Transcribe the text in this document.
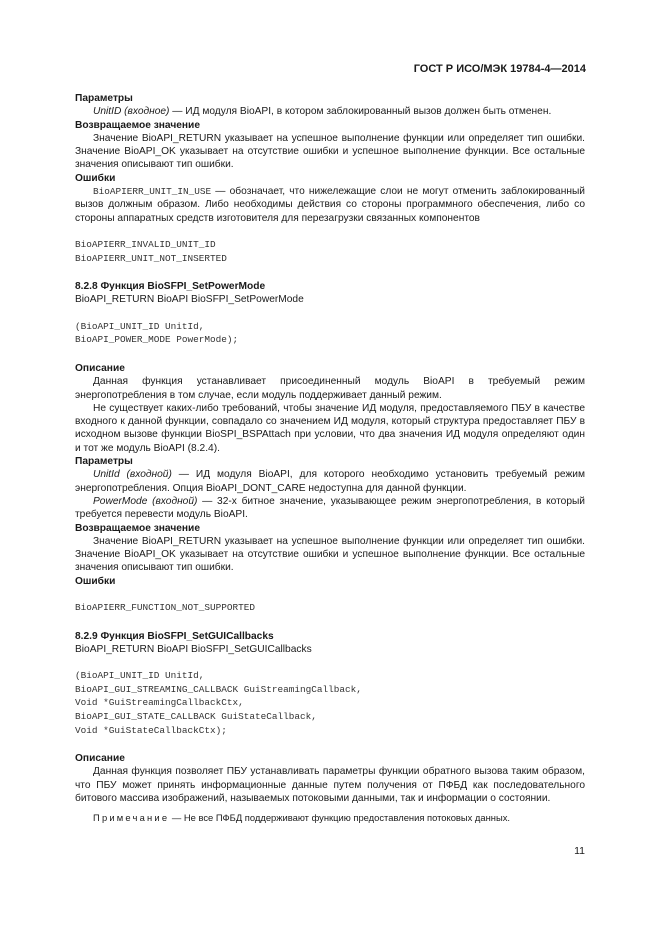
ГОСТ Р ИСО/МЭК 19784-4—2014
Параметры
UnitID (входное) — ИД модуля BioAPI, в котором заблокированный вызов должен быть отменен.
Возвращаемое значение
Значение BioAPI_RETURN указывает на успешное выполнение функции или определяет тип ошибки. Значение BioAPI_OK указывает на отсутствие ошибки и успешное выполнение функции. Все остальные значения описывают тип ошибки.
Ошибки
BioAPIERR_UNIT_IN_USE — обозначает, что нижележащие слои не могут отменить заблокированный вызов должным образом. Либо необходимы действия со стороны программного обеспечения, либо со стороны аппаратных средств изготовителя для перезагрузки связанных компонентов
BioAPIERR_INVALID_UNIT_ID
BioAPIERR_UNIT_NOT_INSERTED
8.2.8 Функция BioSFPI_SetPowerMode
BioAPI_RETURN BioAPI BioSFPI_SetPowerMode
(BioAPI_UNIT_ID UnitId,
BioAPI_POWER_MODE PowerMode);
Описание
Данная функция устанавливает присоединенный модуль BioAPI в требуемый режим энергопотребления в том случае, если модуль поддерживает данный режим.
Не существует каких-либо требований, чтобы значение ИД модуля, предоставляемого ПБУ в качестве входного к данной функции, совпадало со значением ИД модуля, который структура предоставляет ПБУ в исходном вызове функции BioSPI_BSPAttach при условии, что два значения ИД модуля определяют один и тот же модуль BioAPI (8.2.4).
Параметры
UnitId (входной) — ИД модуля BioAPI, для которого необходимо установить требуемый режим энергопотребления. Опция BioAPI_DONT_CARE недоступна для данной функции.
PowerMode (входной) — 32-х битное значение, указывающее режим энергопотребления, в который требуется перевести модуль BioAPI.
Возвращаемое значение
Значение BioAPI_RETURN указывает на успешное выполнение функции или определяет тип ошибки. Значение BioAPI_OK указывает на отсутствие ошибки и успешное выполнение функции. Все остальные значения описывают тип ошибки.
Ошибки
BioAPIERR_FUNCTION_NOT_SUPPORTED
8.2.9 Функция BioSFPI_SetGUICallbacks
BioAPI_RETURN BioAPI BioSFPI_SetGUICallbacks
(BioAPI_UNIT_ID UnitId,
BioAPI_GUI_STREAMING_CALLBACK GuiStreamingCallback,
Void *GuiStreamingCallbackCtx,
BioAPI_GUI_STATE_CALLBACK GuiStateCallback,
Void *GuiStateCallbackCtx);
Описание
Данная функция позволяет ПБУ устанавливать параметры функции обратного вызова таким образом, что ПБУ может принять информационные данные путем получения от ПФБД как последовательного битового массива изображений, называемых потоковыми данными, так и информации о состоянии.
Примечание — Не все ПФБД поддерживают функцию предоставления потоковых данных.
11
